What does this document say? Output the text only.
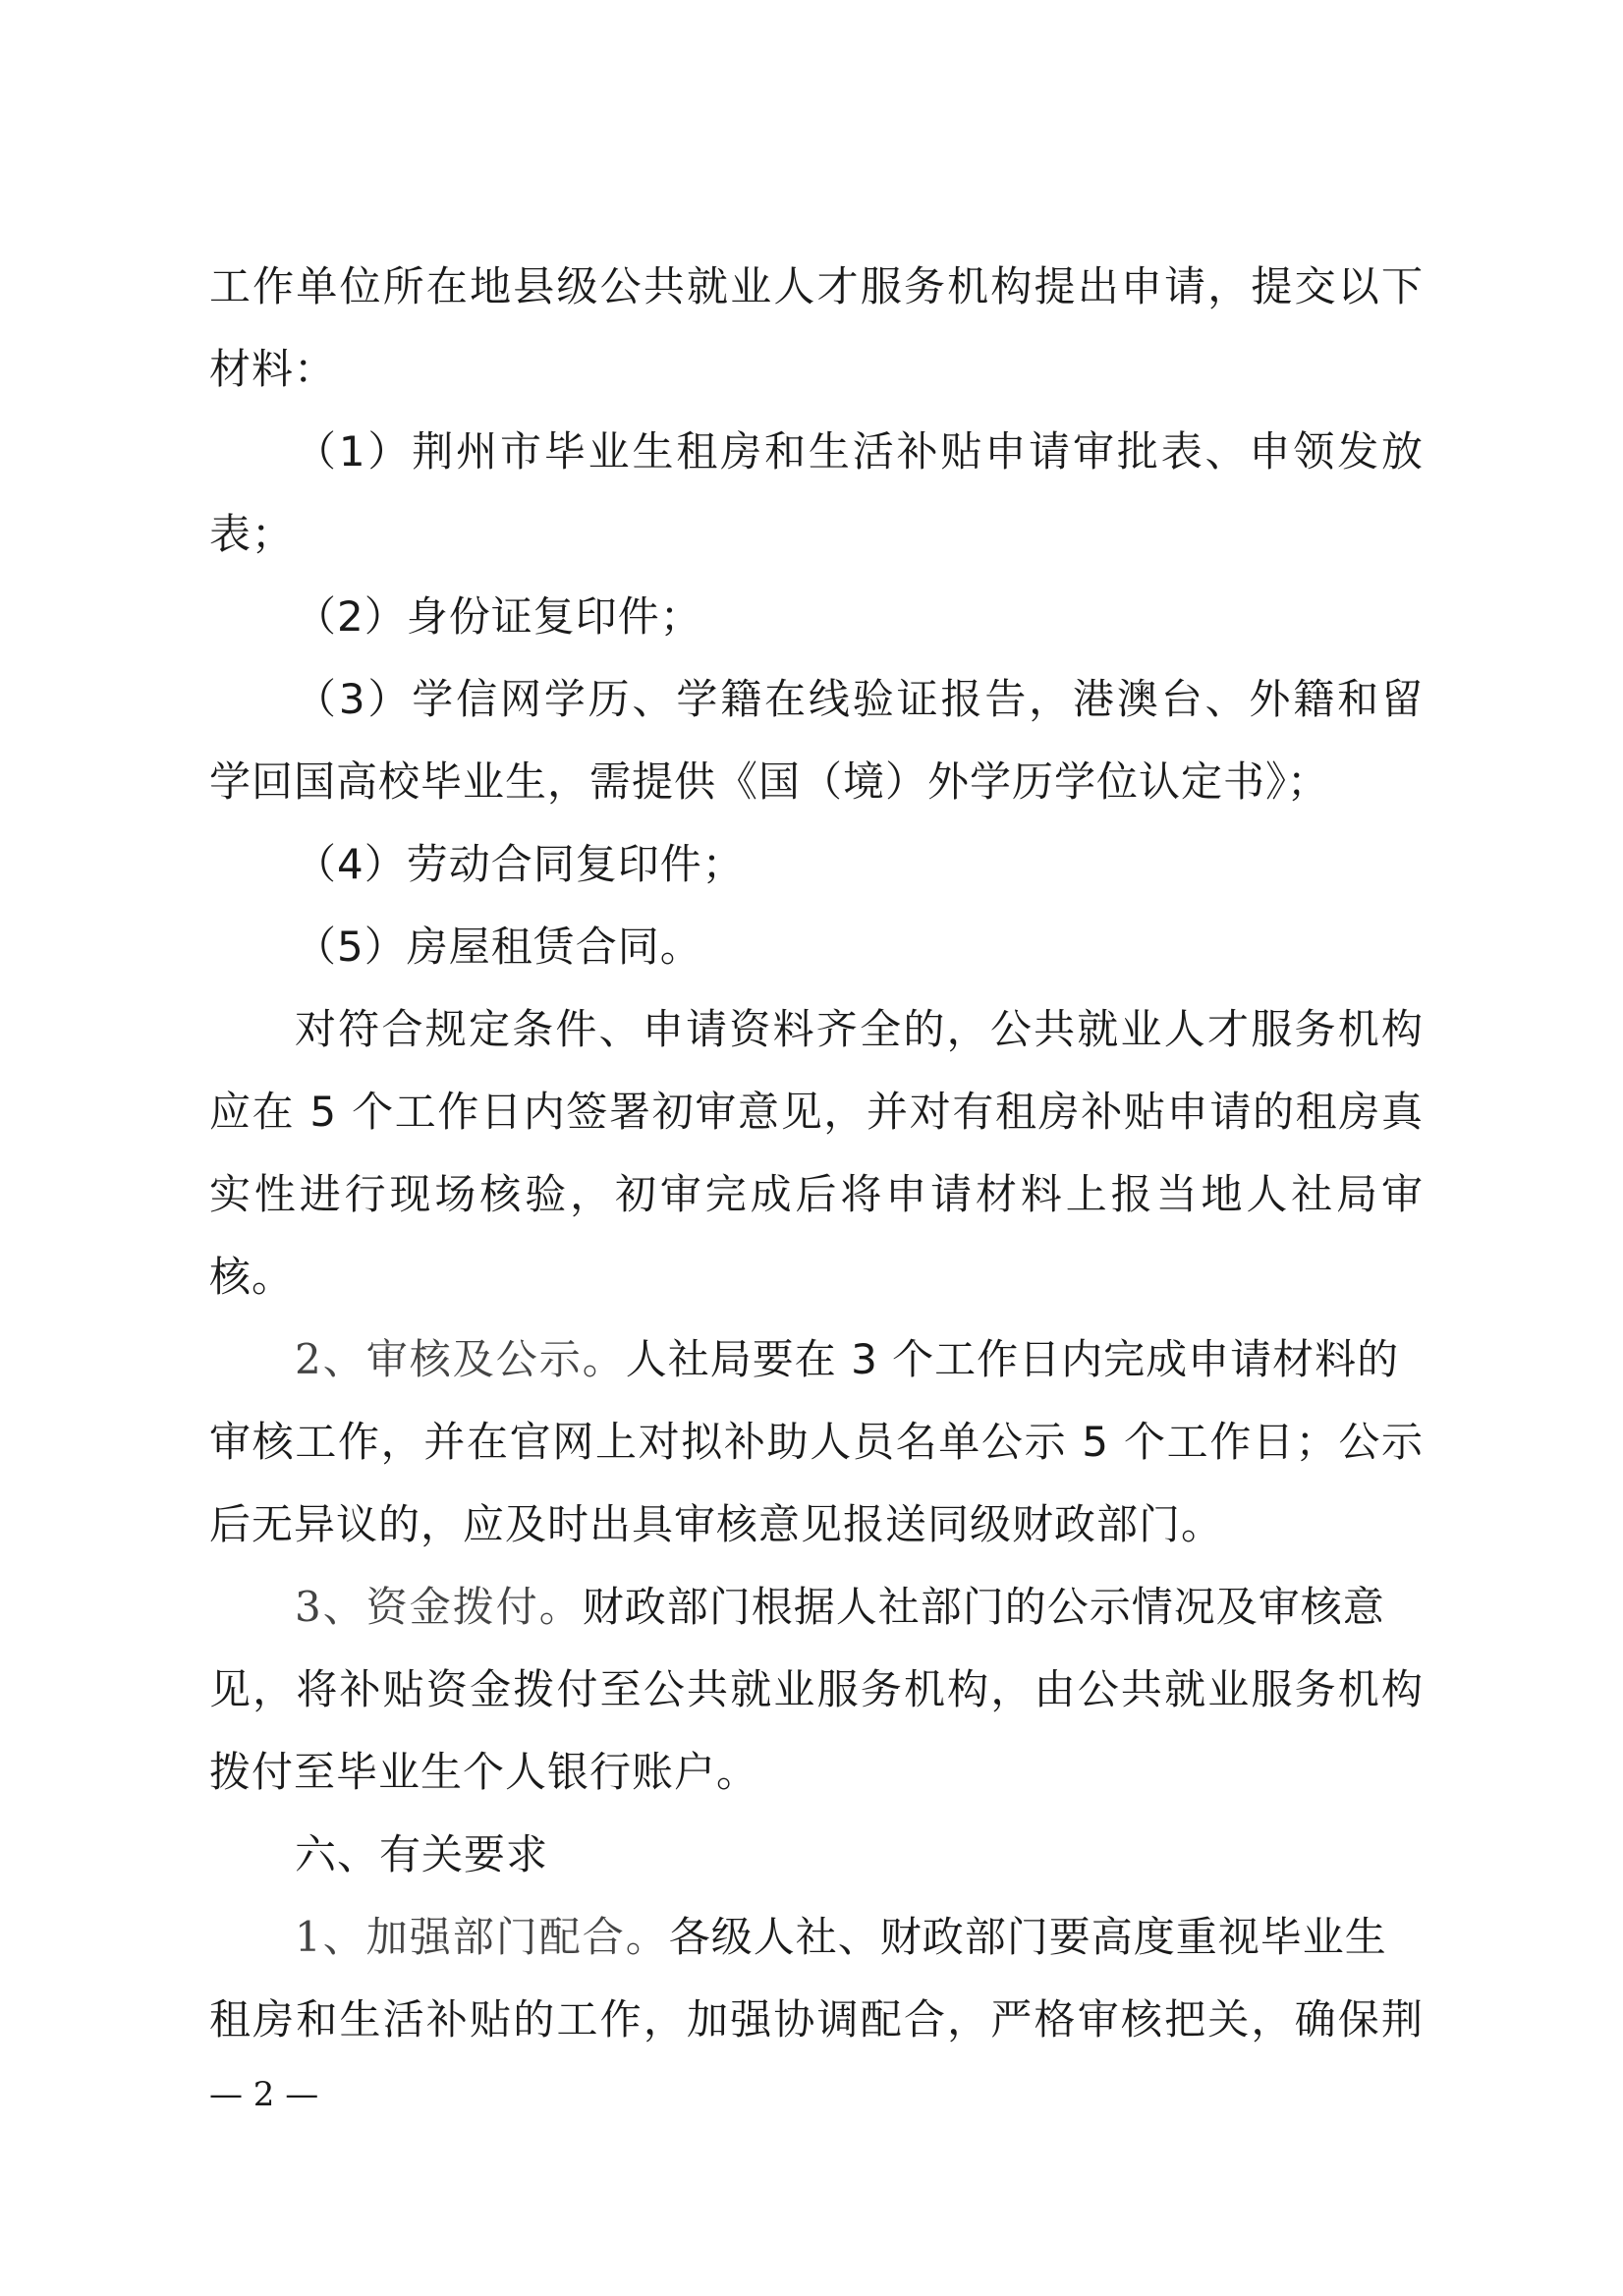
工作单位所在地县级公共就业人才服务机构提出申请，提交以下
材料：
（1）荆州市毕业生租房和生活补贴申请审批表、申领发放
表；
（2）身份证复印件；
（3）学信网学历、学籍在线验证报告，港澳台、外籍和留
学回国高校毕业生，需提供《国（境）外学历学位认定书》；
（4）劳动合同复印件；
（5）房屋租赁合同。
对符合规定条件、申请资料齐全的，公共就业人才服务机构
应在 5 个工作日内签署初审意见，并对有租房补贴申请的租房真
实性进行现场核验，初审完成后将申请材料上报当地人社局审
核。
2、审核及公示。人社局要在 3 个工作日内完成申请材料的
审核工作，并在官网上对拟补助人员名单公示 5 个工作日；公示
后无异议的，应及时出具审核意见报送同级财政部门。
3、资金拨付。财政部门根据人社部门的公示情况及审核意
见，将补贴资金拨付至公共就业服务机构，由公共就业服务机构
拨付至毕业生个人银行账户。
六、有关要求
1、加强部门配合。各级人社、财政部门要高度重视毕业生
租房和生活补贴的工作，加强协调配合，严格审核把关，确保荆
— 2 —
